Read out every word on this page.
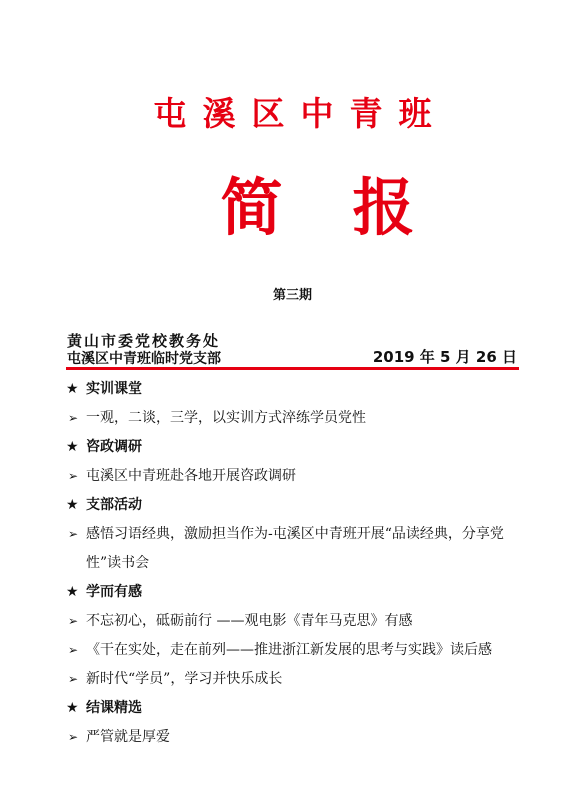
屯溪区中青班
简报
第三期
黄山市委党校教务处
屯溪区中青班临时党支部	2019 年 5 月 26 日
★ 实训课堂
➢ 一观，二谈，三学，以实训方式淬练学员党性
★ 咨政调研
➢ 屯溪区中青班赴各地开展咨政调研
★ 支部活动
➢ 感悟习语经典，激励担当作为-屯溪区中青班开展“品读经典，分享党性”读书会
★ 学而有感
➢ 不忘初心，砥砺前行 ——观电影《青年马克思》有感
➢ 《干在实处，走在前列——推进浙江新发展的思考与实践》读后感
➢ 新时代“学员”，学习并快乐成长
★ 结课精选
➢ 严管就是厚爱
